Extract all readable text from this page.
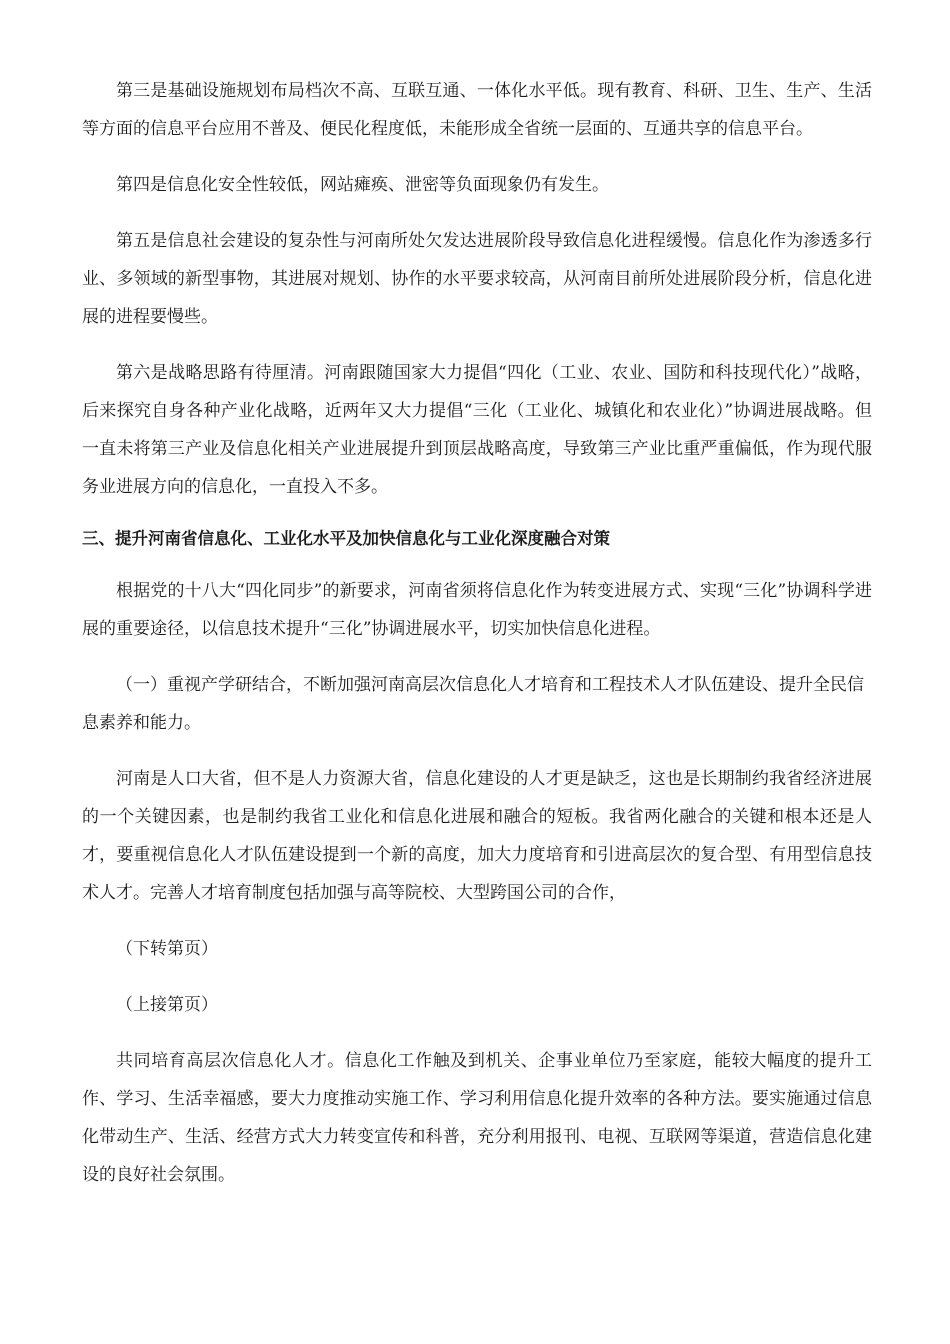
第三是基础设施规划布局档次不高、互联互通、一体化水平低。现有教育、科研、卫生、生产、生活等方面的信息平台应用不普及、便民化程度低，未能形成全省统一层面的、互通共享的信息平台。

第四是信息化安全性较低，网站瘫痪、泄密等负面现象仍有发生。

第五是信息社会建设的复杂性与河南所处欠发达进展阶段导致信息化进程缓慢。信息化作为渗透多行业、多领域的新型事物，其进展对规划、协作的水平要求较高，从河南目前所处进展阶段分析，信息化进展的进程要慢些。

第六是战略思路有待厘清。河南跟随国家大力提倡“四化（工业、农业、国防和科技现代化）”战略，后来探究自身各种产业化战略，近两年又大力提倡“三化（工业化、城镇化和农业化）”协调进展战略。但一直未将第三产业及信息化相关产业进展提升到顶层战略高度，导致第三产业比重严重偏低，作为现代服务业进展方向的信息化，一直投入不多。

三、提升河南省信息化、工业化水平及加快信息化与工业化深度融合对策

根据党的十八大“四化同步”的新要求，河南省须将信息化作为转变进展方式、实现“三化”协调科学进展的重要途径，以信息技术提升“三化”协调进展水平，切实加快信息化进程。

（一）重视产学研结合，不断加强河南高层次信息化人才培育和工程技术人才队伍建设、提升全民信息素养和能力。

河南是人口大省，但不是人力资源大省，信息化建设的人才更是缺乏，这也是长期制约我省经济进展的一个关键因素，也是制约我省工业化和信息化进展和融合的短板。我省两化融合的关键和根本还是人才，要重视信息化人才队伍建设提到一个新的高度，加大力度培育和引进高层次的复合型、有用型信息技术人才。完善人才培育制度包括加强与高等院校、大型跨国公司的合作，

（下转第页）

（上接第页）

共同培育高层次信息化人才。信息化工作触及到机关、企事业单位乃至家庭，能较大幅度的提升工作、学习、生活幸福感，要大力度推动实施工作、学习利用信息化提升效率的各种方法。要实施通过信息化带动生产、生活、经营方式大力转变宣传和科普，充分利用报刊、电视、互联网等渠道，营造信息化建设的良好社会氛围。
